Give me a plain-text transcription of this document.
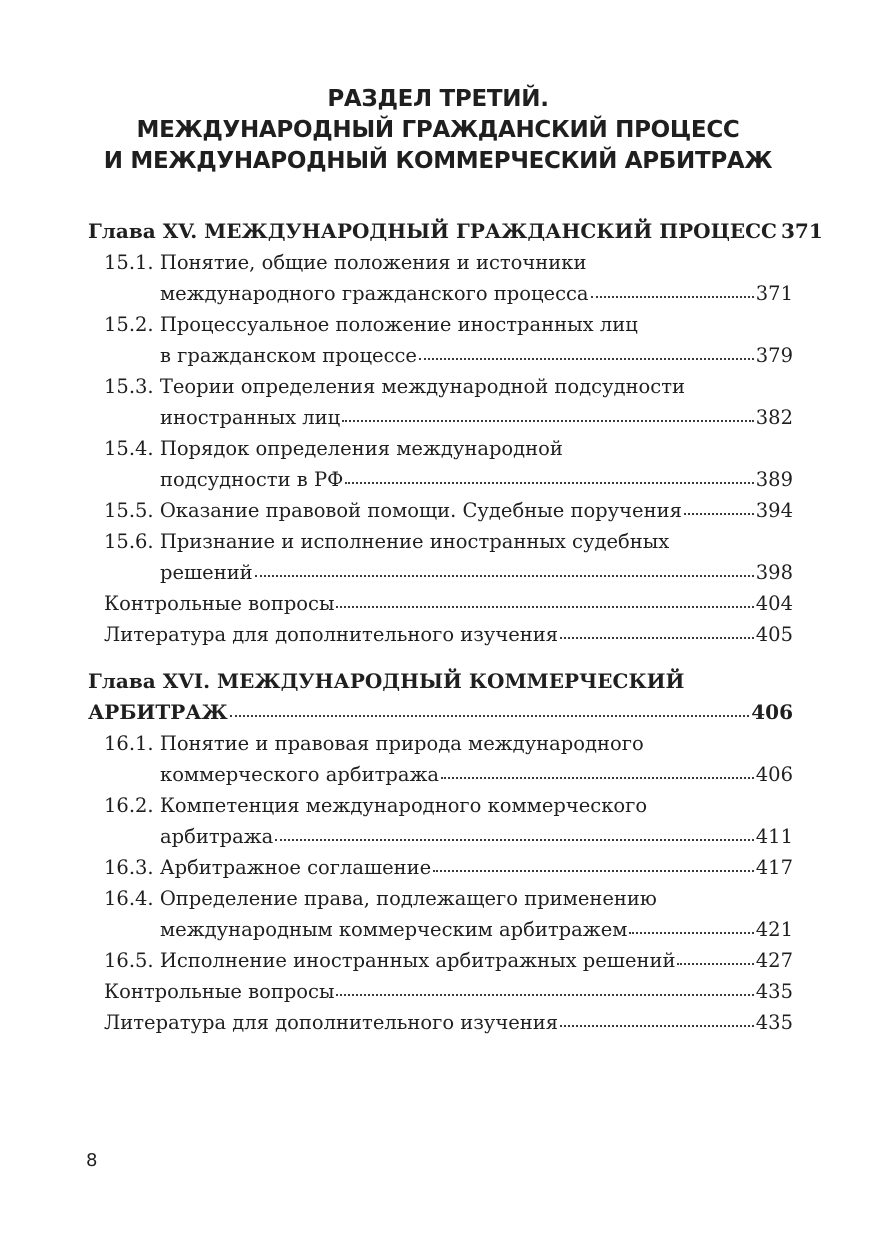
РАЗДЕЛ ТРЕТИЙ.
МЕЖДУНАРОДНЫЙ ГРАЖДАНСКИЙ ПРОЦЕСС
И МЕЖДУНАРОДНЫЙ КОММЕРЧЕСКИЙ АРБИТРАЖ
Глава XV. МЕЖДУНАРОДНЫЙ ГРАЖДАНСКИЙ ПРОЦЕСС 371
15.1. Понятие, общие положения и источники
международного гражданского процесса	371
15.2. Процессуальное положение иностранных лиц
в гражданском процессе	379
15.3. Теории определения международной подсудности
иностранных лиц	382
15.4. Порядок определения международной
подсудности в РФ	389
15.5. Оказание правовой помощи. Судебные поручения	394
15.6. Признание и исполнение иностранных судебных
решений	398
Контрольные вопросы	404
Литература для дополнительного изучения	405
Глава XVI. МЕЖДУНАРОДНЫЙ КОММЕРЧЕСКИЙ
АРБИТРАЖ	406
16.1. Понятие и правовая природа международного
коммерческого арбитража	406
16.2. Компетенция международного коммерческого
арбитража	411
16.3. Арбитражное соглашение	417
16.4. Определение права, подлежащего применению
международным коммерческим арбитражем	421
16.5. Исполнение иностранных арбитражных решений	427
Контрольные вопросы	435
Литература для дополнительного изучения	435
8
